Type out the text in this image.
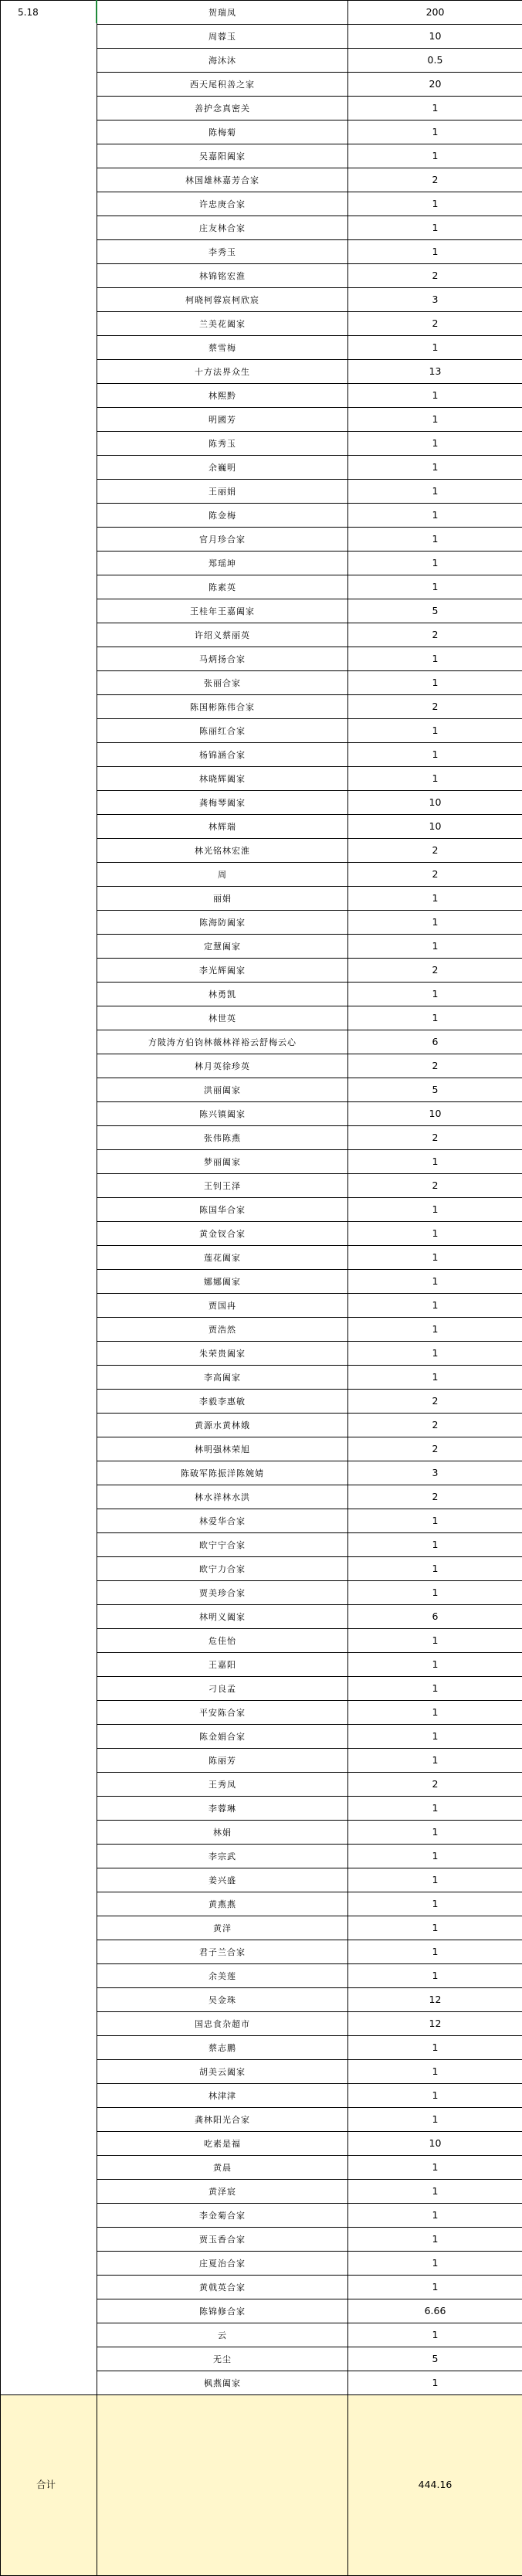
5.18	贺瑞凤	200
	周蓉玉	10
	海沐沐	0.5
	西天尾积善之家	20
	善护念真密关	1
	陈梅菊	1
	吴嘉阳阖家	1
	林国雄林嘉芳合家	2
	许忠庚合家	1
	庄友林合家	1
	李秀玉	1
	林锦铭宏淮	2
	柯晓柯蓉宸柯欣宸	3
	兰美花阖家	2
	蔡雪梅	1
	十方法界众生	13
	林熙黔	1
	明國芳	1
	陈秀玉	1
	余巍明	1
	王丽娟	1
	陈金梅	1
	官月珍合家	1
	郑瑶坤	1
	陈素英	1
	王桂年王嘉阖家	5
	许绍义蔡丽英	2
	马炳扬合家	1
	张丽合家	1
	陈国彬陈伟合家	2
	陈丽红合家	1
	杨锦涵合家	1
	林晓辉阖家	1
	龚梅琴阖家	10
	林辉瑞	10
	林光铭林宏淮	2
	周	2
	丽娟	1
	陈海防阖家	1
	定慧阖家	1
	李光辉阖家	2
	林勇凯	1
	林世英	1
	方陂涛方伯钧林薇林祥裕云舒梅云心	6
	林月英徐珍英	2
	洪丽阖家	5
	陈兴镇阖家	10
	张伟陈燕	2
	梦丽阖家	1
	王钊王泽	2
	陈国华合家	1
	黄金钗合家	1
	莲花阖家	1
	娜娜阖家	1
	贾国冉	1
	贾浩然	1
	朱荣贵阖家	1
	李高阖家	1
	李毅李惠敏	2
	黄源水黄林娥	2
	林明强林荣旭	2
	陈破军陈振洋陈婉婧	3
	林水祥林水洪	2
	林爱华合家	1
	欧宁宁合家	1
	欧宁力合家	1
	贾美珍合家	1
	林明义阖家	6
	危佳怡	1
	王嘉阳	1
	刁良孟	1
	平安陈合家	1
	陈金娟合家	1
	陈丽芳	1
	王秀凤	2
	李蓉琳	1
	林娟	1
	李宗武	1
	姜兴盛	1
	黄燕燕	1
	黄洋	1
	君子兰合家	1
	余美莲	1
	吴金珠	12
	国忠食杂超市	12
	蔡志鹏	1
	胡美云阖家	1
	林津津	1
	龚林阳光合家	1
	吃素是福	10
	黄晨	1
	黄泽宸	1
	李金菊合家	1
	贾玉香合家	1
	庄夏治合家	1
	黄戟英合家	1
	陈锦修合家	6.66
	云	1
	无尘	5
	枫燕阖家	1
合计		444.16
